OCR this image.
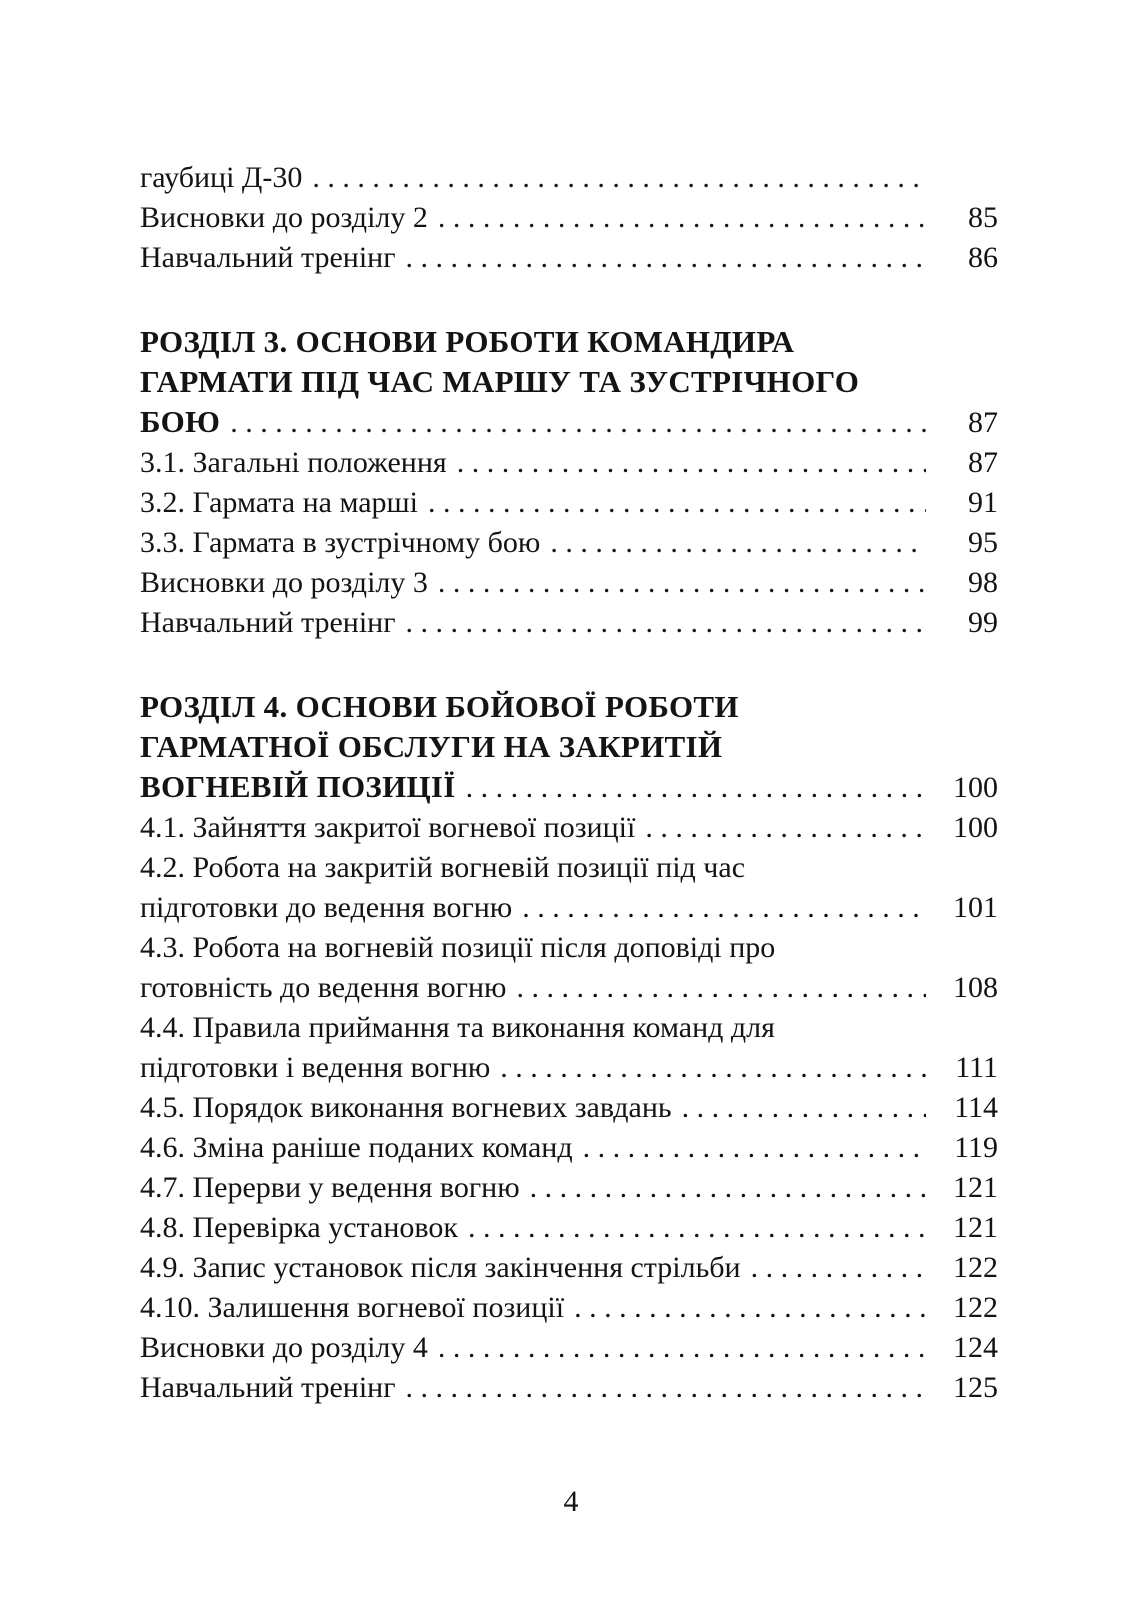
гаубиці Д-30
. . .
Висновки до розділу 2 . . .	85
Навчальний тренінг . . .	86
РОЗДІЛ 3. ОСНОВИ РОБОТИ КОМАНДИРА
ГАРМАТИ ПІД ЧАС МАРШУ ТА ЗУСТРІЧНОГО
БОЮ . . .	87
3.1. Загальні положення . . .	87
3.2. Гармата на марші . . .	91
3.3. Гармата в зустрічному бою . . .	95
Висновки до розділу 3 . . .	98
Навчальний тренінг . . .	99
РОЗДІЛ 4. ОСНОВИ БОЙОВОЇ РОБОТИ
ГАРМАТНОЇ ОБСЛУГИ НА ЗАКРИТІЙ
ВОГНЕВІЙ ПОЗИЦІЇ . . .	100
4.1. Зайняття закритої вогневої позиції . . .	100
4.2. Робота на закритій вогневій позиції під час
підготовки до ведення вогню . . .	101
4.3. Робота на вогневій позиції після доповіді про
готовність до ведення вогню . . .	108
4.4. Правила приймання та виконання команд для
підготовки і ведення вогню . . .	111
4.5. Порядок виконання вогневих завдань . . .	114
4.6. Зміна раніше поданих команд . . .	119
4.7. Перерви у ведення вогню . . .	121
4.8. Перевірка установок . . .	121
4.9. Запис установок після закінчення стрільби . . .	122
4.10. Залишення вогневої позиції . . .	122
Висновки до розділу 4 . . .	124
Навчальний тренінг . . .	125
4
